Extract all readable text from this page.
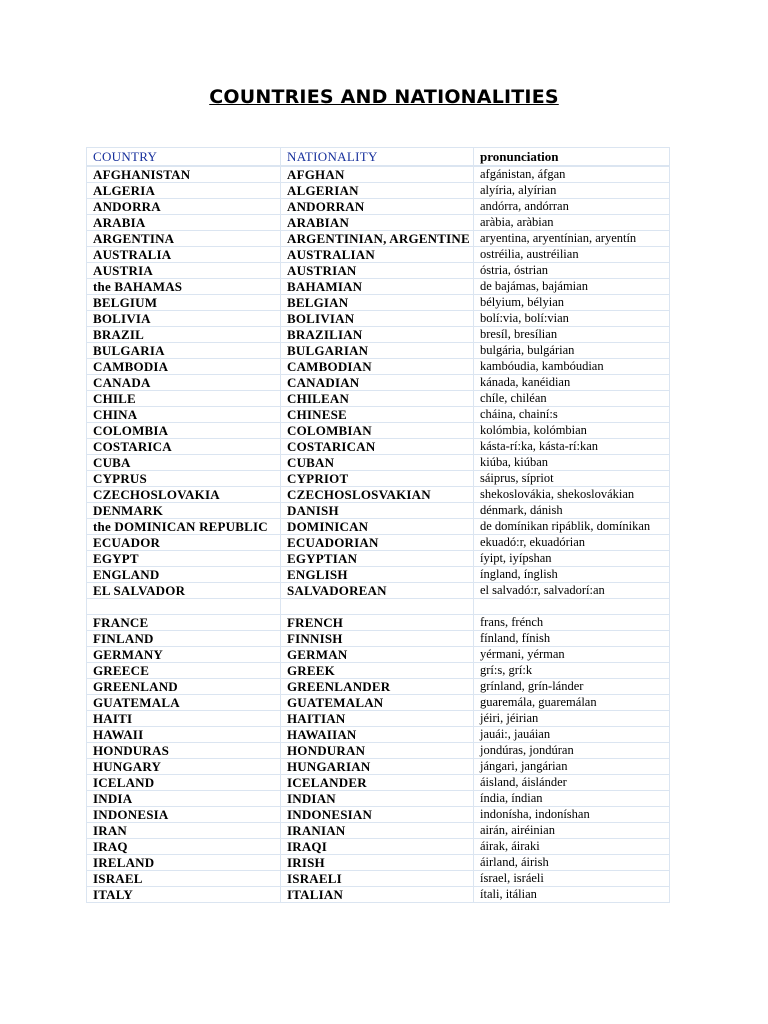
COUNTRIES AND NATIONALITIES
COUNTRY	NATIONALITY	pronunciation
AFGHANISTAN	AFGHAN	afgánistan, áfgan
ALGERIA	ALGERIAN	alyíria, alyírian
ANDORRA	ANDORRAN	andórra, andórran
ARABIA	ARABIAN	aràbia, aràbian
ARGENTINA	ARGENTINIAN, ARGENTINE	aryentina, aryentínian, aryentín
AUSTRALIA	AUSTRALIAN	ostréilia, austréilian
AUSTRIA	AUSTRIAN	óstria, óstrian
the BAHAMAS	BAHAMIAN	de bajámas, bajámian
BELGIUM	BELGIAN	bélyium, bélyian
BOLIVIA	BOLIVIAN	bolí:via, bolí:vian
BRAZIL	BRAZILIAN	bresíl, bresílian
BULGARIA	BULGARIAN	bulgária, bulgárian
CAMBODIA	CAMBODIAN	kambóudia, kambóudian
CANADA	CANADIAN	kánada, kanéidian
CHILE	CHILEAN	chíle, chiléan
CHINA	CHINESE	cháina, chainí:s
COLOMBIA	COLOMBIAN	kolómbia, kolómbian
COSTARICA	COSTARICAN	kásta-rí:ka, kásta-rí:kan
CUBA	CUBAN	kiúba, kiúban
CYPRUS	CYPRIOT	sáiprus, sípriot
CZECHOSLOVAKIA	CZECHOSLOSVAKIAN	shekoslovákia, shekoslovákian
DENMARK	DANISH	dénmark, dánish
the DOMINICAN REPUBLIC	DOMINICAN	de domínikan ripáblik, domínikan
ECUADOR	ECUADORIAN	ekuadó:r, ekuadórian
EGYPT	EGYPTIAN	íyipt, iyípshan
ENGLAND	ENGLISH	íngland, ínglish
EL SALVADOR	SALVADOREAN	el salvadó:r, salvadorí:an

FRANCE	FRENCH	frans, frénch
FINLAND	FINNISH	fínland, fínish
GERMANY	GERMAN	yérmani, yérman
GREECE	GREEK	grí:s, grí:k
GREENLAND	GREENLANDER	grínland, grín-lánder
GUATEMALA	GUATEMALAN	guaremála, guaremálan
HAITI	HAITIAN	jéiri, jéirian
HAWAII	HAWAIIAN	jauái:, jauáian
HONDURAS	HONDURAN	jondúras, jondúran
HUNGARY	HUNGARIAN	jángari, jangárian
ICELAND	ICELANDER	áisland, áislánder
INDIA	INDIAN	índia, índian
INDONESIA	INDONESIAN	indoníshа, indoníshan
IRAN	IRANIAN	airán, airéinian
IRAQ	IRAQI	áirak, áiraki
IRELAND	IRISH	áirland, áirish
ISRAEL	ISRAELI	ísrael, isráeli
ITALY	ITALIAN	ítali, itálian
